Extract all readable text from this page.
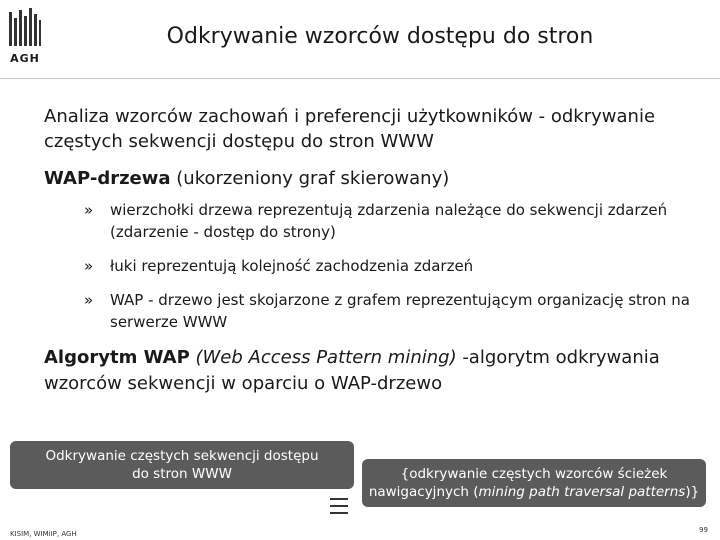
AGH
Odkrywanie wzorców dostępu do stron

Analiza wzorców zachowań i preferencji użytkowników - odkrywanie częstych sekwencji dostępu do stron WWW

WAP-drzewa (ukorzeniony graf skierowany)

» wierzchołki drzewa reprezentują zdarzenia należące do sekwencji zdarzeń (zdarzenie - dostęp do strony)
» łuki reprezentują kolejność zachodzenia zdarzeń
» WAP - drzewo jest skojarzone z grafem reprezentującym organizację stron na serwerze WWW

Algorytm WAP (Web Access Pattern mining) -algorytm odkrywania wzorców sekwencji w oparciu o WAP-drzewo

Odkrywanie częstych sekwencji dostępu
do stron WWW	{odkrywanie częstych wzorców ścieżek
nawigacyjnych (mining path traversal patterns)}
KISIM, WIMiIP, AGH	99
